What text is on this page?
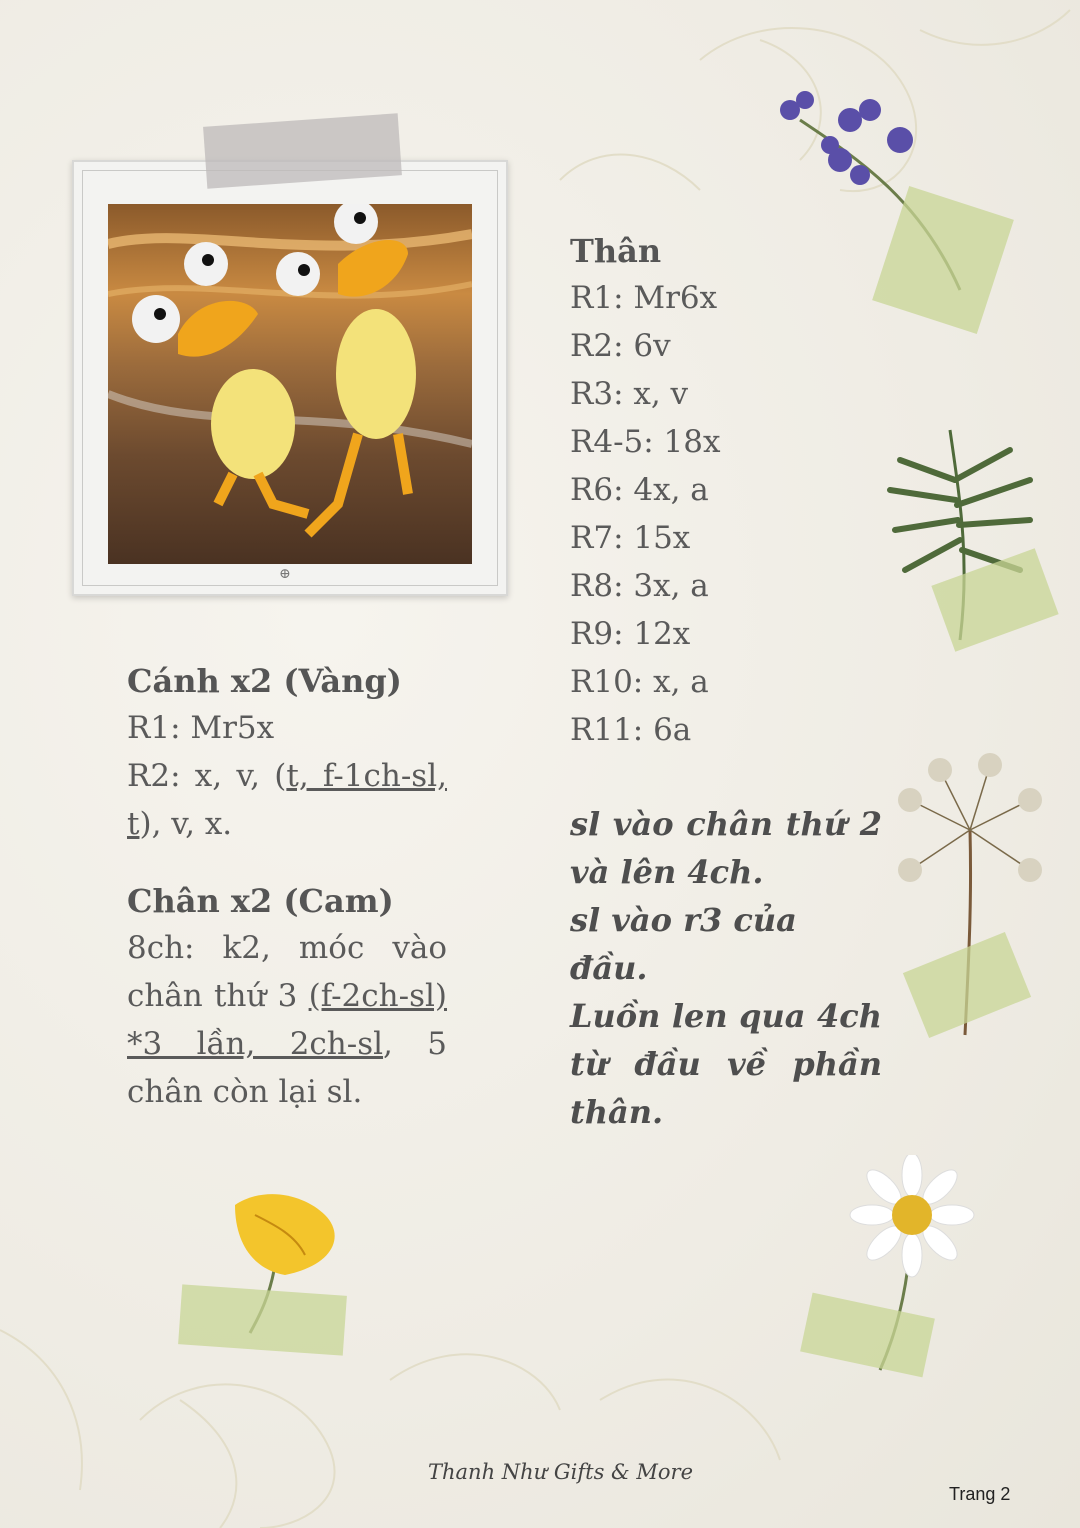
⊕

Cánh x2 (Vàng)

R1: Mr5x

R2: x, v, (t, f-1ch-sl, t), v, x.

Chân x2 (Cam)

8ch: k2, móc vào chân thứ 3 (f-2ch-sl) *3 lần, 2ch-sl, 5 chân còn lại sl.

Thân

R1: Mr6x

R2: 6v

R3: x, v

R4-5: 18x

R6: 4x, a

R7: 15x

R8: 3x, a

R9: 12x

R10: x, a

R11: 6a

sl vào chân thứ 2 và lên 4ch.

sl vào r3 của đầu.

Luồn len qua 4ch từ đầu về phần thân.

Thanh Như Gifts & More
Trang 2
